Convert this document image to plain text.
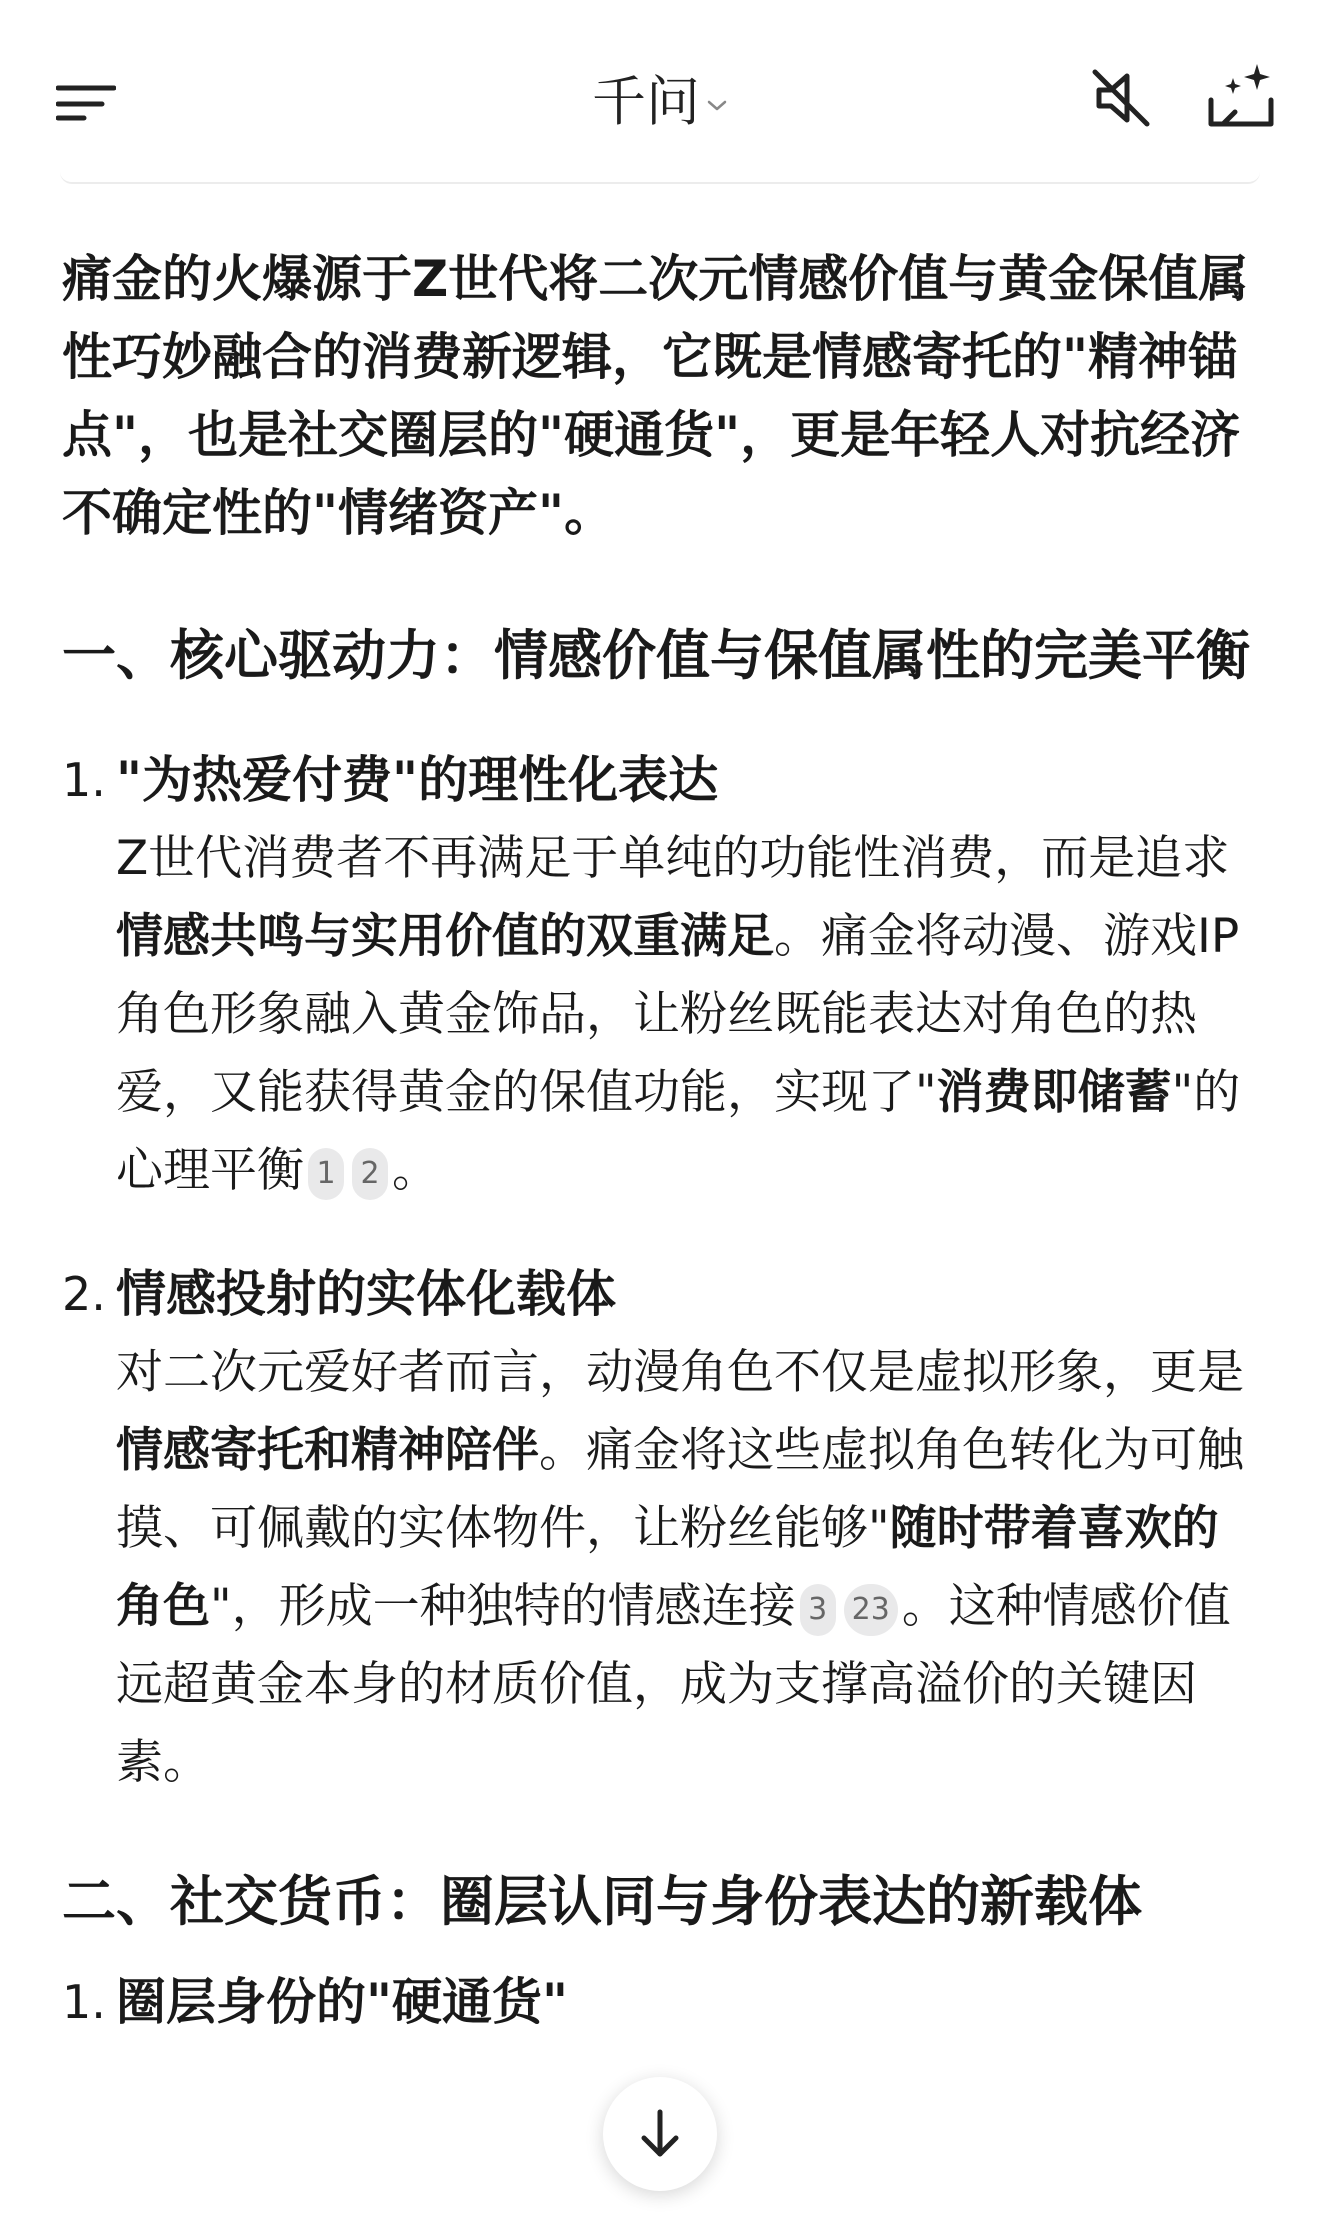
千问

痛金的火爆源于Z世代将二次元情感价值与黄金保值属性巧妙融合的消费新逻辑，它既是情感寄托的"精神锚点"，也是社交圈层的"硬通货"，更是年轻人对抗经济不确定性的"情绪资产"。

一、核心驱动力：情感价值与保值属性的完美平衡
1. "为热爱付费"的理性化表达

Z世代消费者不再满足于单纯的功能性消费，而是追求情感共鸣与实用价值的双重满足。痛金将动漫、游戏IP角色形象融入黄金饰品，让粉丝既能表达对角色的热爱，又能获得黄金的保值功能，实现了"消费即储蓄"的心理平衡 1 2 。

2. 情感投射的实体化载体

对二次元爱好者而言，动漫角色不仅是虚拟形象，更是情感寄托和精神陪伴。痛金将这些虚拟角色转化为可触摸、可佩戴的实体物件，让粉丝能够"随时带着喜欢的角色"，形成一种独特的情感连接 3 23 。这种情感价值远超黄金本身的材质价值，成为支撑高溢价的关键因素。

二、社交货币：圈层认同与身份表达的新载体
1. 圈层身份的"硬通货"
